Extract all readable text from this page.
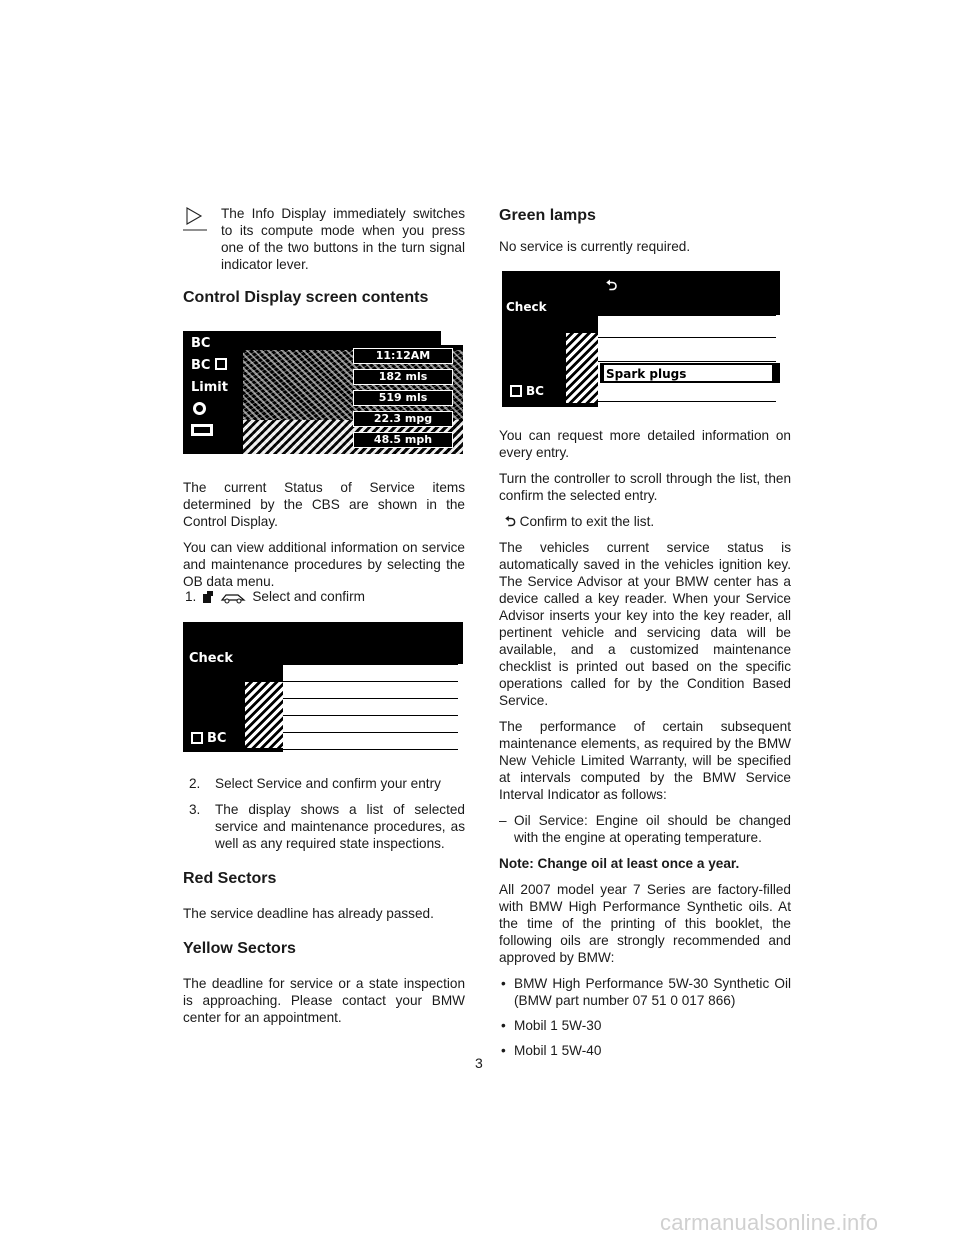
The Info Display immediately switches to its compute mode when you press one of the two buttons in the turn signal indicator lever.

Control Display screen contents
BC
BC
Limit
11:12AM
182 mls
519 mls
22.3 mpg
48.5 mph

The current Status of Service items determined by the CBS are shown in the Control Display.

You can view additional information on service and maintenance procedures by selecting the OB data menu.

1.	Select and confirm
Check
BC
2. Select Service and confirm your entry
3. The display shows a list of selected service and maintenance procedures, as well as any required state inspections.
Red Sectors

The service deadline has already passed.

Yellow Sectors

The deadline for service or a state inspection is approaching. Please contact your BMW center for an appointment.

Green lamps

No service is currently required.

⮌
Check
Spark plugs
BC

You can request more detailed information on every entry.

Turn the controller to scroll through the list, then confirm the selected entry.

⮌ Confirm to exit the list.

The vehicles current service status is automatically saved in the vehicles ignition key. The Service Advisor at your BMW center has a device called a key reader. When your Service Advisor inserts your key into the key reader, all pertinent vehicle and servicing data will be available, and a customized maintenance checklist is printed out based on the specific operations called for by the Condition Based Service.

The performance of certain subsequent maintenance elements, as required by the BMW New Vehicle Limited Warranty, will be specified at intervals computed by the BMW Service Interval Indicator as follows:

– Oil Service: Engine oil should be changed with the engine at operating temperature.

Note: Change oil at least once a year.

All 2007 model year 7 Series are factory-filled with BMW High Performance Synthetic oils. At the time of the printing of this booklet, the following oils are strongly recommended and approved by BMW:

• BMW High Performance 5W-30 Synthetic Oil (BMW part number 07 51 0 017 866)
• Mobil 1 5W-30
• Mobil 1 5W-40
3
carmanualsonline.info
